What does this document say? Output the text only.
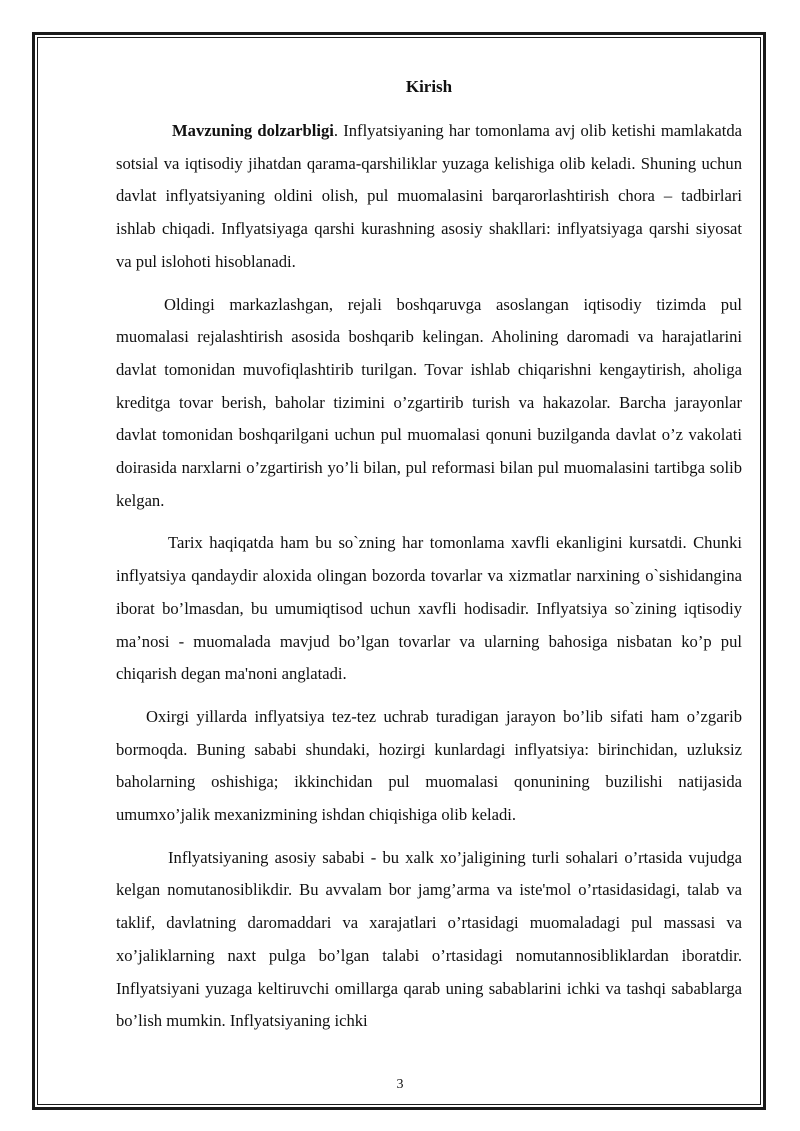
Kirish

Mavzuning dolzarbligi. Inflyatsiyaning har tomonlama avj olib ketishi mamlakatda sotsial va iqtisodiy jihatdan qarama-qarshiliklar yuzaga kelishiga olib keladi. Shuning uchun davlat inflyatsiyaning oldini olish, pul muomalasini barqarorlashtirish chora – tadbirlari ishlab chiqadi. Inflyatsiyaga qarshi kurashning asosiy shakllari: inflyatsiyaga qarshi siyosat va pul islohoti hisoblanadi.

Oldingi markazlashgan, rejali boshqaruvga asoslangan iqtisodiy tizimda pul muomalasi rejalashtirish asosida boshqarib kelingan. Aholining daromadi va harajatlarini davlat tomonidan muvofiqlashtirib turilgan. Tovar ishlab chiqarishni kengaytirish, aholiga kreditga tovar berish, baholar tizimini o’zgartirib turish va hakazolar. Barcha jarayonlar davlat tomonidan boshqarilgani uchun pul muomalasi qonuni buzilganda davlat o’z vakolati doirasida narxlarni o’zgartirish yo’li bilan, pul reformasi bilan pul muomalasini tartibga solib kelgan.

Tarix haqiqatda ham bu so`zning har tomonlama xavfli ekanligini kursatdi. Chunki inflyatsiya qandaydir aloxida olingan bozorda tovarlar va xizmatlar narxining o`sishidangina iborat bo’lmasdan, bu umumiqtisod uchun xavfli hodisadir. Inflyatsiya so`zining iqtisodiy ma’nosi - muomalada mavjud bo’lgan tovarlar va ularning bahosiga nisbatan ko’p pul chiqarish degan ma'noni anglatadi.

Oxirgi yillarda inflyatsiya tez-tez uchrab turadigan jarayon bo’lib sifati ham o’zgarib bormoqda. Buning sababi shundaki, hozirgi kunlardagi inflyatsiya: birinchidan, uzluksiz baholarning oshishiga; ikkinchidan pul muomalasi qonunining buzilishi natijasida umumxo’jalik mexanizmining ishdan chiqishiga olib keladi.

Inflyatsiyaning asosiy sababi - bu xalk xo’jaligining turli sohalari o’rtasida vujudga kelgan nomutanosiblikdir. Bu avvalam bor jamg’arma va iste'mol o’rtasidasidagi, talab va taklif, davlatning daromaddari va xarajatlari o’rtasidagi muomaladagi pul massasi va xo’jaliklarning naxt pulga bo’lgan talabi o’rtasidagi nomutannosibliklardan iboratdir. Inflyatsiyani yuzaga keltiruvchi omillarga qarab uning sabablarini ichki va tashqi sabablarga bo’lish mumkin. Inflyatsiyaning ichki

3
